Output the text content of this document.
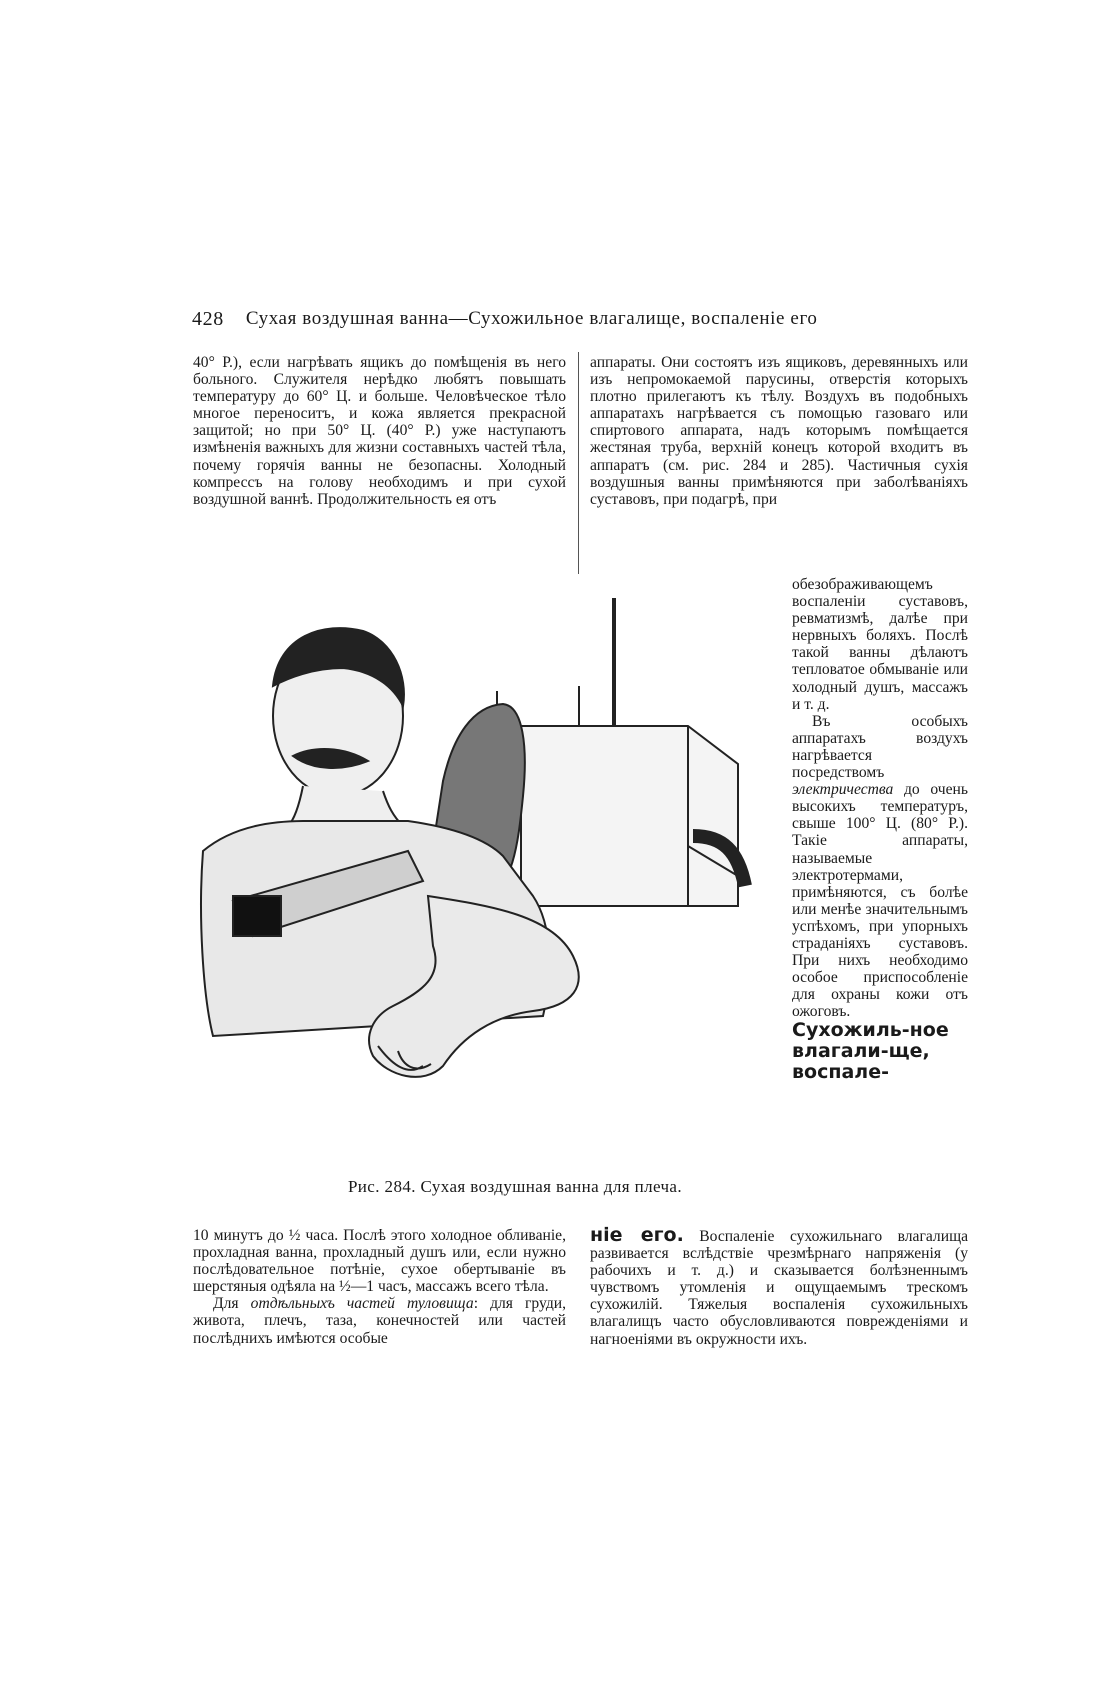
428 Сухая воздушная ванна—Сухожильное влагалище, воспаленіе его

40° Р.), если нагрѣвать ящикъ до помѣщенія въ него больного. Служителя нерѣдко любятъ повышать температуру до 60° Ц. и больше. Человѣческое тѣло многое переноситъ, и кожа является прекрасной защитой; но при 50° Ц. (40° Р.) уже наступаютъ измѣненія важныхъ для жизни составныхъ частей тѣла, почему горячія ванны не безопасны. Холодный компрессъ на голову необходимъ и при сухой воздушной ваннѣ. Продолжительность ея отъ

аппараты. Они состоятъ изъ ящиковъ, деревянныхъ или изъ непромокаемой парусины, отверстія которыхъ плотно прилегаютъ къ тѣлу. Воздухъ въ подобныхъ аппаратахъ нагрѣвается съ помощью газоваго или спиртового аппарата, надъ которымъ помѣщается жестяная труба, верхній конецъ которой входитъ въ аппаратъ (см. рис. 284 и 285). Частичныя сухія воздушныя ванны примѣняются при заболѣваніяхъ суставовъ, при подагрѣ, при

обезображивающемъ воспаленіи суставовъ, ревматизмѣ, далѣе при нервныхъ боляхъ. Послѣ такой ванны дѣлаютъ тепловатое обмываніе или холодный душъ, массажъ и т. д.

Въ особыхъ аппаратахъ воздухъ нагрѣвается посредствомъ электричества до очень высокихъ температуръ, свыше 100° Ц. (80° Р.). Такіе аппараты, называемые электротермами, примѣняются, съ болѣе или менѣе значительнымъ успѣхомъ, при упорныхъ страданіяхъ суставовъ. При нихъ необходимо особое приспособленіе для охраны кожи отъ ожоговъ.

Сухожиль-ное влагали-ще, воспале-

Рис. 284. Сухая воздушная ванна для плеча.

10 минутъ до ½ часа. Послѣ этого холодное обливаніе, прохладная ванна, прохладный душъ или, если нужно послѣдовательное потѣніе, сухое обертываніе въ шерстяныя одѣяла на ½—1 часъ, массажъ всего тѣла.

Для отдѣльныхъ частей туловища: для груди, живота, плечъ, таза, конечностей или частей послѣднихъ имѣются особые

ніе его. Воспаленіе сухожильнаго влагалища развивается вслѣдствіе чрезмѣрнаго напряженія (у рабочихъ и т. д.) и сказывается болѣзненнымъ чувствомъ утомленія и ощущаемымъ трескомъ сухожилій. Тяжелыя воспаленія сухожильныхъ влагалищъ часто обусловливаются повреждeніями и нагноеніями въ окружности ихъ.
